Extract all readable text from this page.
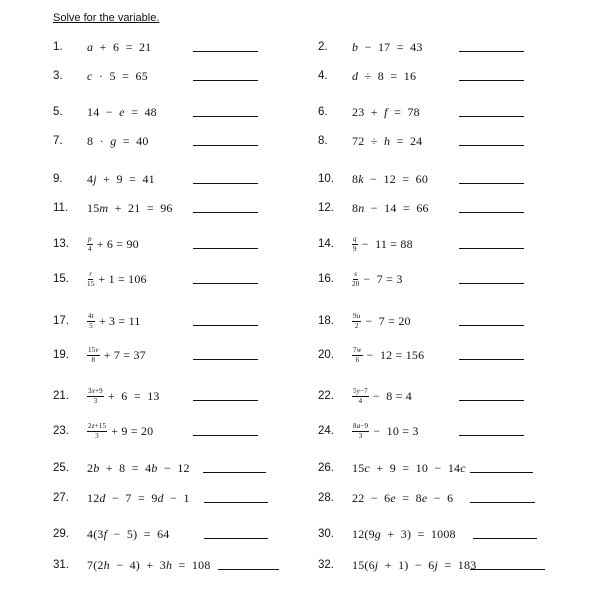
Solve for the variable.
1.	a  +  6  =  21	2.	b  −  17  =  43
3.	c  ·  5  =  65	4.	d  ÷  8  =  16
5.	14  −  e  =  48	6.	23  +  f  =  78
7.	8  ·  g  =  40	8.	72  ÷  h  =  24
9.	4j  +  9  =  41	10.	8k  −  12  =  60
11.	15m  +  21  =  96	12.	8n  −  14  =  66
13.	$\frac{p}{4} + 6 = 90$	14.	$\frac{q}{9} - 11 = 88$
15.	$\frac{r}{15} + 1 = 106$	16.	$\frac{s}{20} - 7 = 3$
17.	$\frac{4t}{5} + 3 = 11$	18.	$\frac{9u}{2} - 7 = 20$
19.	$\frac{15v}{8} + 7 = 37$	20.	$\frac{7w}{6} - 12 = 156$
21.	$\frac{3x+9}{3} + 6 = 13$	22.	$\frac{5y-7}{4} - 8 = 4$
23.	$\frac{2z+15}{3} + 9 = 20$	24.	$\frac{8a-9}{3} - 10 = 3$
25.	2b  +  8  =  4b  −  12	26.	15c  +  9  =  10  −  14c
27.	12d  −  7  =  9d  −  1	28.	22  −  6e  =  8e  −  6
29.	4(3f  −  5)  =  64	30.	12(9g  +  3)  =  1008
31.	7(2h  −  4)  +  3h  =  108	32.	15(6j  +  1)  −  6j  =  183
